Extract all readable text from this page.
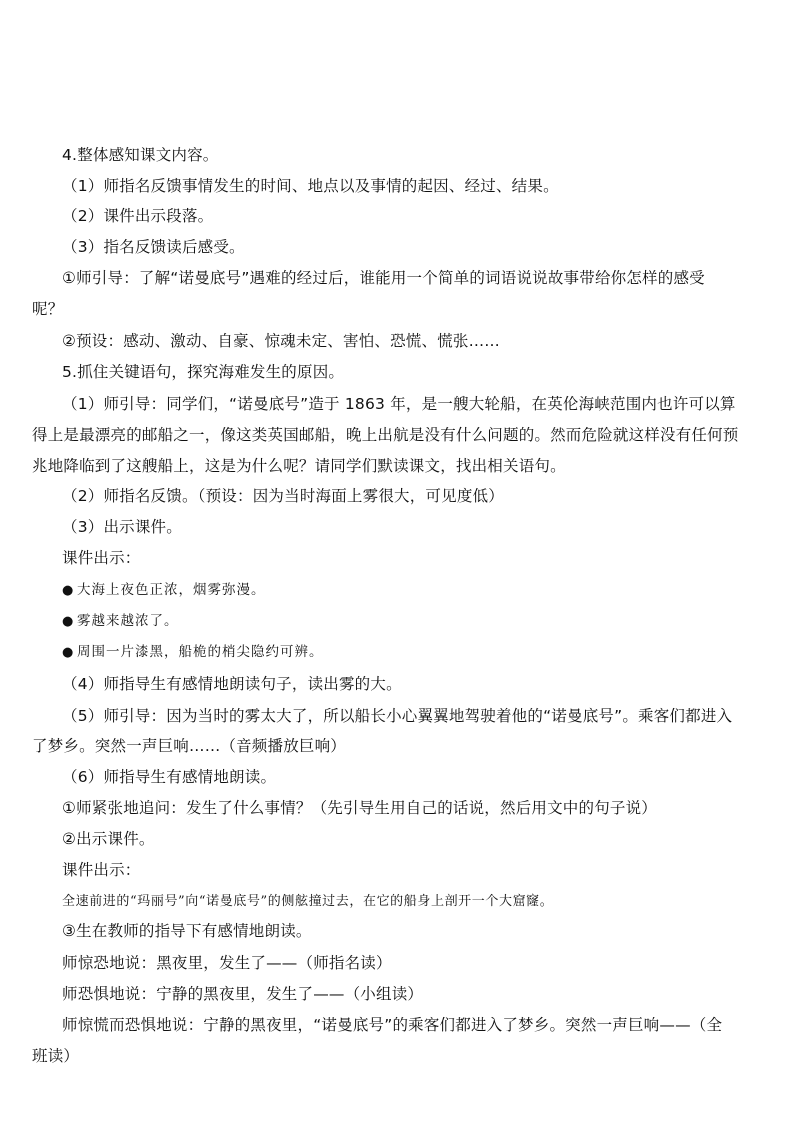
4.整体感知课文内容。
（1）师指名反馈事情发生的时间、地点以及事情的起因、经过、结果。
（2）课件出示段落。
（3）指名反馈读后感受。
①师引导：了解“诺曼底号”遇难的经过后，谁能用一个简单的词语说说故事带给你怎样的感受
呢？
②预设：感动、激动、自豪、惊魂未定、害怕、恐慌、慌张……
5.抓住关键语句，探究海难发生的原因。
（1）师引导：同学们，“诺曼底号”造于 1863 年，是一艘大轮船，在英伦海峡范围内也许可以算
得上是最漂亮的邮船之一，像这类英国邮船，晚上出航是没有什么问题的。然而危险就这样没有任何预
兆地降临到了这艘船上，这是为什么呢？请同学们默读课文，找出相关语句。
（2）师指名反馈。（预设：因为当时海面上雾很大，可见度低）
（3）出示课件。
课件出示：
● 大海上夜色正浓，烟雾弥漫。
● 雾越来越浓了。
● 周围一片漆黑，船桅的梢尖隐约可辨。
（4）师指导生有感情地朗读句子，读出雾的大。
（5）师引导：因为当时的雾太大了，所以船长小心翼翼地驾驶着他的“诺曼底号”。乘客们都进入
了梦乡。突然一声巨响……（音频播放巨响）
（6）师指导生有感情地朗读。
①师紧张地追问：发生了什么事情？（先引导生用自己的话说，然后用文中的句子说）
②出示课件。
课件出示：
全速前进的“玛丽号”向“诺曼底号”的侧舷撞过去，在它的船身上剖开一个大窟窿。
③生在教师的指导下有感情地朗读。
师惊恐地说：黑夜里，发生了——（师指名读）
师恐惧地说：宁静的黑夜里，发生了——（小组读）
师惊慌而恐惧地说：宁静的黑夜里，“诺曼底号”的乘客们都进入了梦乡。突然一声巨响——（全
班读）
